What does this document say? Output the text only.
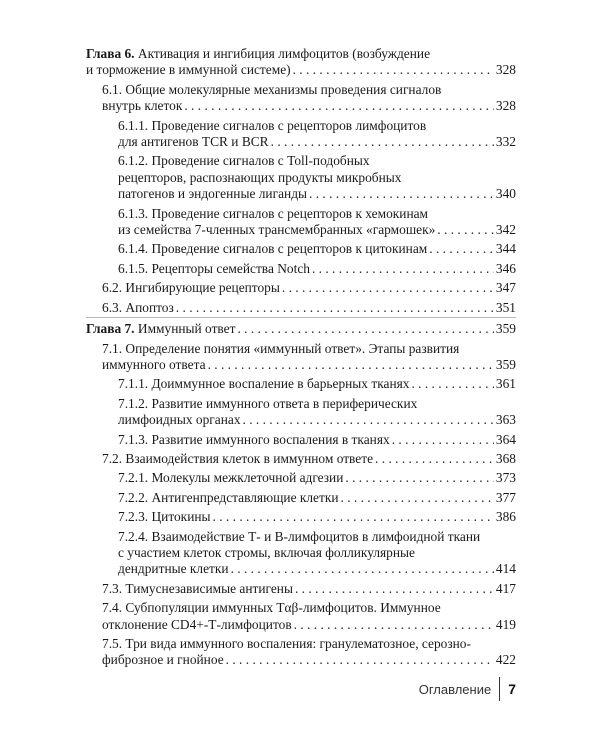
Глава 6. Активация и ингибиция лимфоцитов (возбуждение
и торможение в иммунной системе) . . .	328
6.1. Общие молекулярные механизмы проведения сигналов
внутрь клеток . . .	328
6.1.1. Проведение сигналов с рецепторов лимфоцитов
для антигенов TCR и BCR . . .	332
6.1.2. Проведение сигналов с Toll-подобных
рецепторов, распознающих продукты микробных
патогенов и эндогенные лиганды . . .	340
6.1.3. Проведение сигналов с рецепторов к хемокинам
из семейства 7-членных трансмембранных «гармошек» . . .	342
6.1.4. Проведение сигналов с рецепторов к цитокинам . . .	344
6.1.5. Рецепторы семейства Notch . . .	346
6.2. Ингибирующие рецепторы . . .	347
6.3. Апоптоз . . .	351
Глава 7. Иммунный ответ . . .	359
7.1. Определение понятия «иммунный ответ». Этапы развития
иммунного ответа . . .	359
7.1.1. Доиммунное воспаление в барьерных тканях . . .	361
7.1.2. Развитие иммунного ответа в периферических
лимфоидных органах . . .	363
7.1.3. Развитие иммунного воспаления в тканях . . .	364
7.2. Взаимодействия клеток в иммунном ответе . . .	368
7.2.1. Молекулы межклеточной адгезии . . .	373
7.2.2. Антигенпредставляющие клетки . . .	377
7.2.3. Цитокины . . .	386
7.2.4. Взаимодействие Т- и В-лимфоцитов в лимфоидной ткани
с участием клеток стромы, включая фолликулярные
дендритные клетки . . .	414
7.3. Тимуснезависимые антигены . . .	417
7.4. Субпопуляции иммунных Тαβ-лимфоцитов. Иммунное
отклонение CD4+-Т-лимфоцитов . . .	419
7.5. Три вида иммунного воспаления: гранулематозное, серозно-
фиброзное и гнойное . . .	422
Оглавление	7
